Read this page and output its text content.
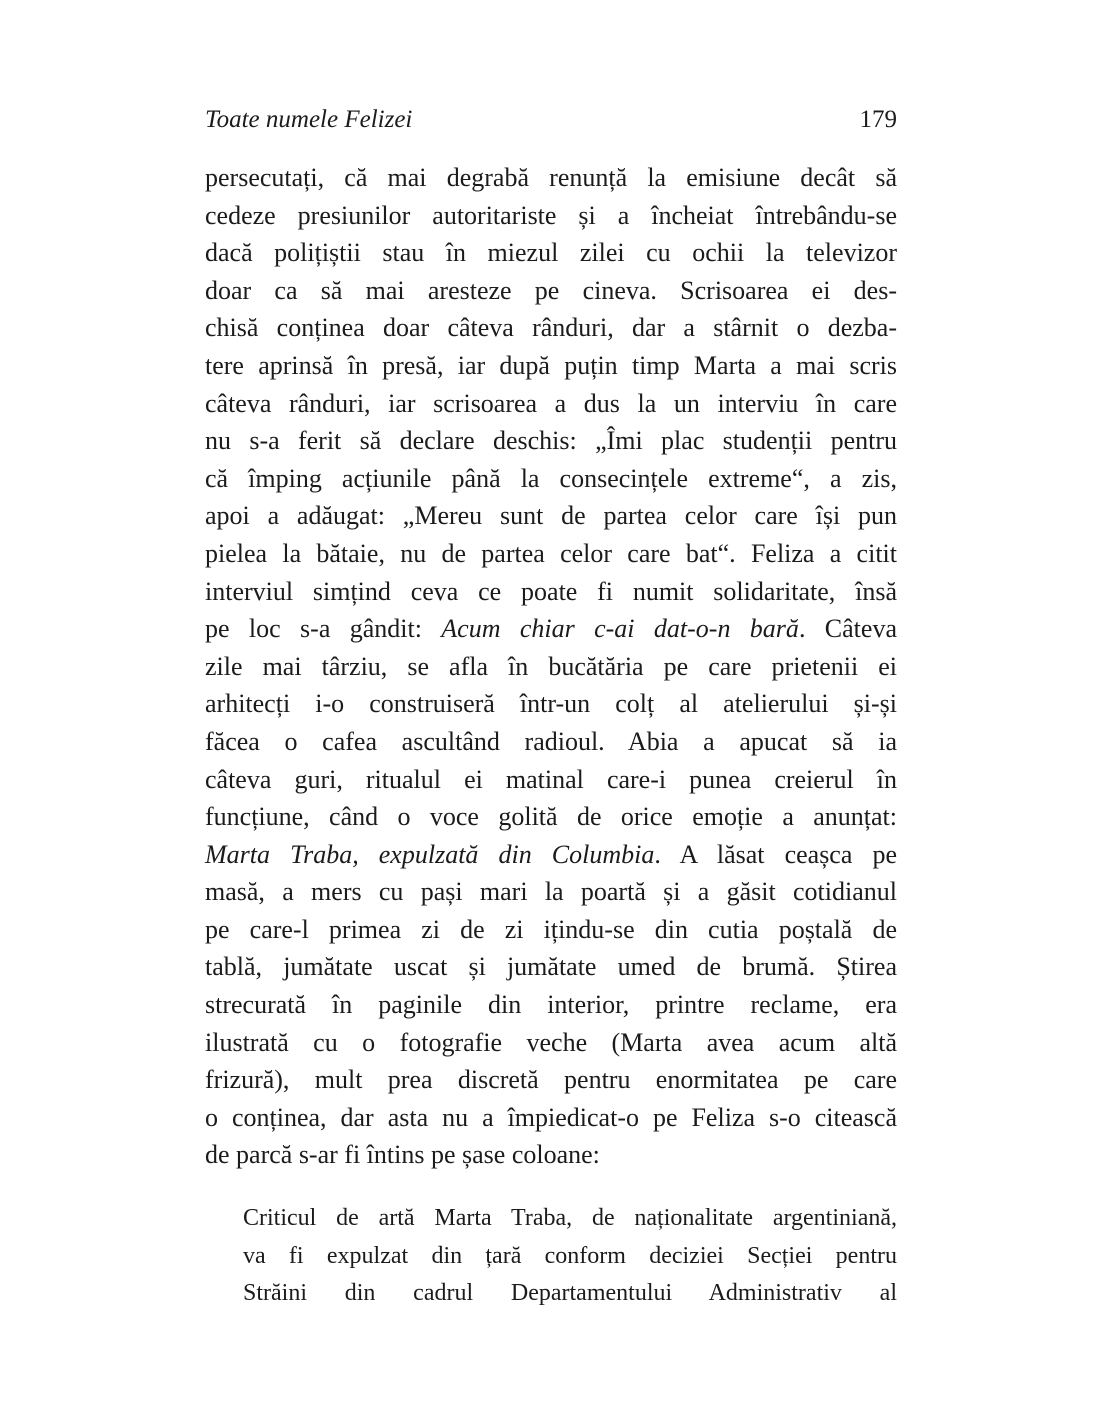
Toate numele Felizei	179
persecutați, că mai degrabă renunță la emisiune decât să
cedeze presiunilor autoritariste și a încheiat întrebându-se
dacă polițiștii stau în miezul zilei cu ochii la televizor
doar ca să mai aresteze pe cineva. Scrisoarea ei des-
chisă conținea doar câteva rânduri, dar a stârnit o dezba-
tere aprinsă în presă, iar după puțin timp Marta a mai scris
câteva rânduri, iar scrisoarea a dus la un interviu în care
nu s-a ferit să declare deschis: „Îmi plac studenții pentru
că împing acțiunile până la consecințele extreme“, a zis,
apoi a adăugat: „Mereu sunt de partea celor care își pun
pielea la bătaie, nu de partea celor care bat“. Feliza a citit
interviul simțind ceva ce poate fi numit solidaritate, însă
pe loc s-a gândit: Acum chiar c-ai dat-o-n bară. Câteva
zile mai târziu, se afla în bucătăria pe care prietenii ei
arhitecți i-o construiseră într-un colț al atelierului și-și
făcea o cafea ascultând radioul. Abia a apucat să ia
câteva guri, ritualul ei matinal care-i punea creierul în
funcțiune, când o voce golită de orice emoție a anunțat:
Marta Traba, expulzată din Columbia. A lăsat ceașca pe
masă, a mers cu pași mari la poartă și a găsit cotidianul
pe care-l primea zi de zi ițindu-se din cutia poștală de
tablă, jumătate uscat și jumătate umed de brumă. Știrea
strecurată în paginile din interior, printre reclame, era
ilustrată cu o fotografie veche (Marta avea acum altă
frizură), mult prea discretă pentru enormitatea pe care
o conținea, dar asta nu a împiedicat-o pe Feliza s-o citească
de parcă s-ar fi întins pe șase coloane:
Criticul de artă Marta Traba, de naționalitate argentiniană,
va fi expulzat din țară conform deciziei Secției pentru
Străini din cadrul Departamentului Administrativ al
